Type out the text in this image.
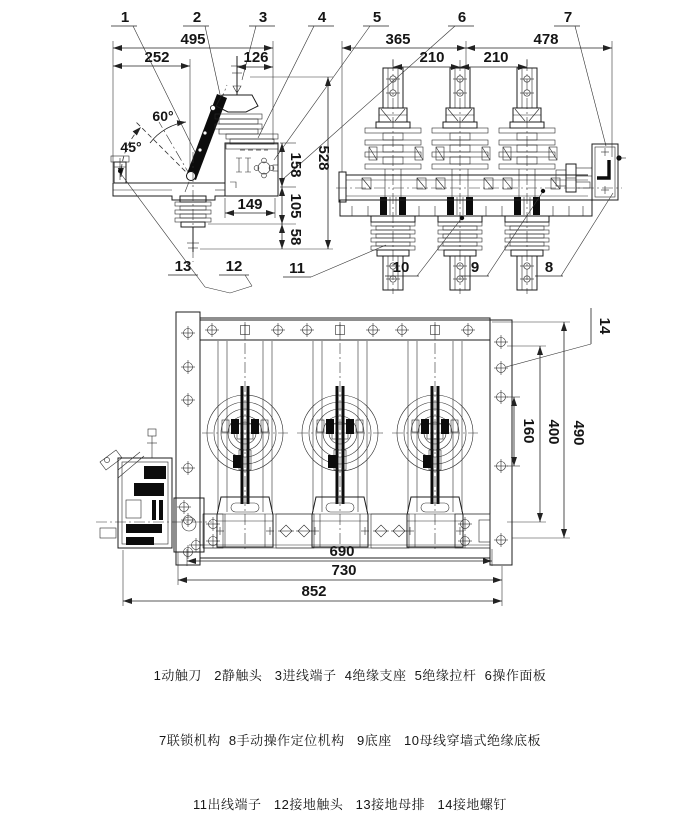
1	2	3	4	5	6	7
495
252	126
60°
45°
158
105
58
528
149
13 12	11
365	478
210	210
10	9	8
160 400 490
14
690
730
852

1动触刀   2静触头   3进线端子  4绝缘支座  5绝缘拉杆  6操作面板

7联锁机构  8手动操作定位机构   9底座   10母线穿墙式绝缘底板

11出线端子   12接地触头   13接地母排   14接地螺钉
